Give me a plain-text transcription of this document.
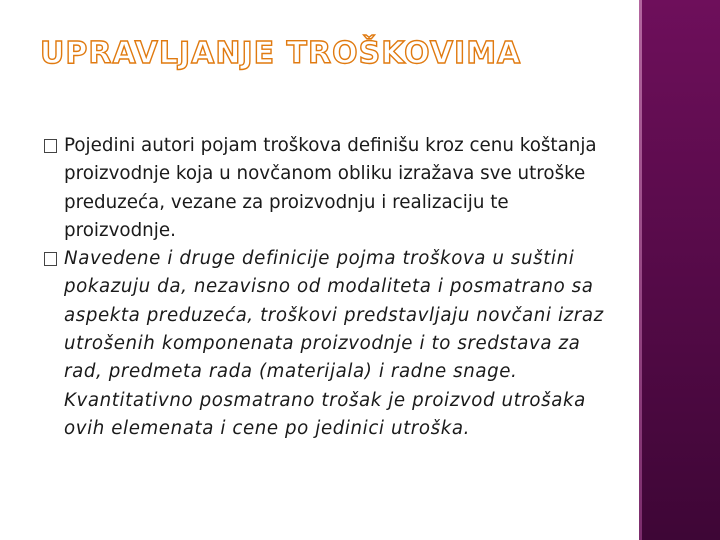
UPRAVLJANJE TROŠKOVIMA
Pojedini autori pojam troškova definišu kroz cenu koštanja proizvodnje koja u novčanom obliku izražava sve utroške preduzeća, vezane za proizvodnju i realizaciju te proizvodnje.
Navedene i druge definicije pojma troškova u suštini pokazuju da, nezavisno od modaliteta i posmatrano sa aspekta preduzeća, troškovi predstavljaju novčani izraz utrošenih komponenata proizvodnje i to sredstava za rad, predmeta rada (materijala) i radne snage. Kvantitativno posmatrano trošak je proizvod utrošaka ovih elemenata i cene po jedinici utroška.
